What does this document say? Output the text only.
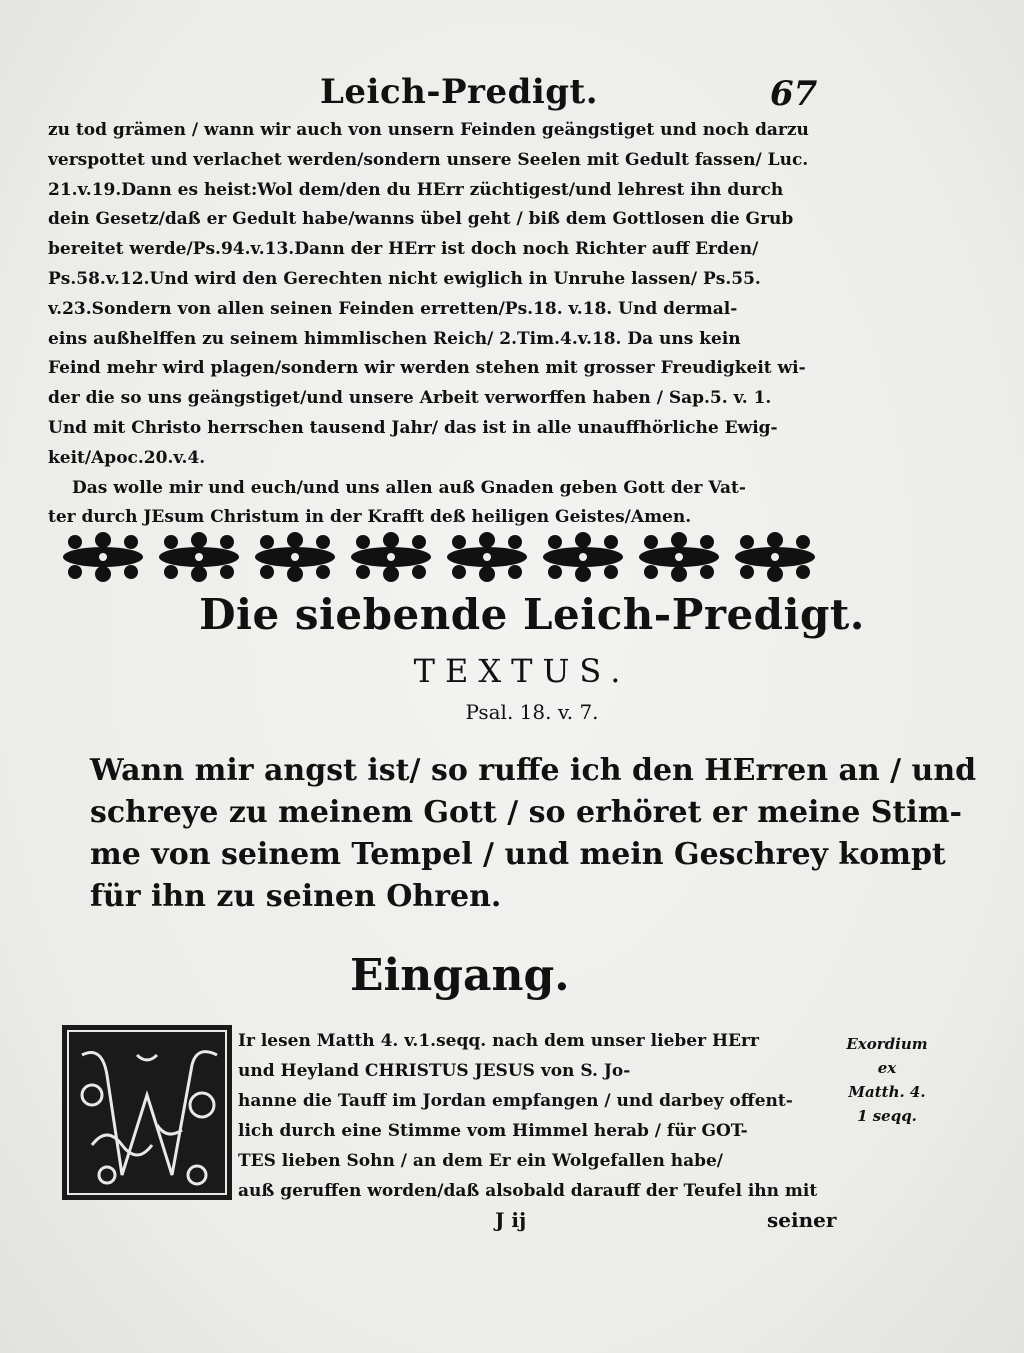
Leich-Predigt.	67
zu tod grämen / wann wir auch von unsern Feinden geängstiget und noch darzu
verspottet und verlachet werden/sondern unsere Seelen mit Gedult fassen/ Luc.
21.v.19.Dann es heist:Wol dem/den du HErr züchtigest/und lehrest ihn durch
dein Gesetz/daß er Gedult habe/wanns übel geht / biß dem Gottlosen die Grub
bereitet werde/Ps.94.v.13.Dann der HErr ist doch noch Richter auff Erden/
Ps.58.v.12.Und wird den Gerechten nicht ewiglich in Unruhe lassen/ Ps.55.
v.23.Sondern von allen seinen Feinden erretten/Ps.18. v.18. Und dermal-
eins außhelffen zu seinem himmlischen Reich/ 2.Tim.4.v.18. Da uns kein
Feind mehr wird plagen/sondern wir werden stehen mit grosser Freudigkeit wi-
der die so uns geängstiget/und unsere Arbeit verworffen haben / Sap.5. v. 1.
Und mit Christo herrschen tausend Jahr/ das ist in alle unauffhörliche Ewig-
keit/Apoc.20.v.4.
Das wolle mir und euch/und uns allen auß Gnaden geben Gott der Vat-
ter durch JEsum Christum in der Krafft deß heiligen Geistes/Amen.
Die siebende Leich-Predigt.
TEXTUS.
Psal. 18. v. 7.
Wann mir angst ist/ so ruffe ich den HErren an / und
schreye zu meinem Gott / so erhöret er meine Stim-
me von seinem Tempel / und mein Geschrey kompt
für ihn zu seinen Ohren.
Eingang.
Ir lesen Matth 4. v.1.seqq. nach dem unser lieber HErr
und Heyland CHRISTUS JESUS von S. Jo-
hanne die Tauff im Jordan empfangen / und darbey offent-
lich durch eine Stimme vom Himmel herab / für GOT-
TES lieben Sohn / an dem Er ein Wolgefallen habe/
auß geruffen worden/daß alsobald darauff der Teufel ihn mit
Exordium
ex
Matth. 4.
1 seqq.
J ij	seiner
